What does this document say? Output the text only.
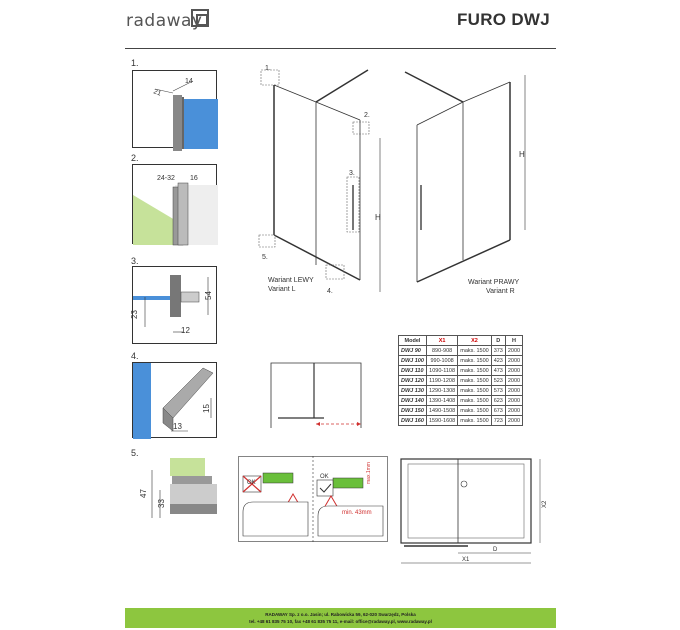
radaway	FURO DWJ
1.
14
21
2.
24-32 16
3.
54
23
12
4.
15
13
5.
47
33
1.
2.
3.
4.
5.
H
Wariant LEWY
Variant L
H
Wariant PRAWY
Variant R
Model	X1	X2	D	H
DWJ 90	890-908	maks. 1500	373	2000
DWJ 100	990-1008	maks. 1500	423	2000
DWJ 110	1090-1108	maks. 1500	473	2000
DWJ 120	1190-1208	maks. 1500	523	2000
DWJ 130	1290-1308	maks. 1500	573	2000
DWJ 140	1390-1408	maks. 1500	623	2000
DWJ 150	1490-1508	maks. 1500	673	2000
DWJ 160	1590-1608	maks. 1500	723	2000
OK
OK	max.1mm
min. 43mm
D
X1
X2
RADAWAY Sp. z o.o. Jasin; ul. Rabowicka 59, 62-020 Swarzędz, Polska
tel. +48 61 835 75 10, fax +48 61 835 75 11, e-mail: office@radaway.pl, www.radaway.pl
